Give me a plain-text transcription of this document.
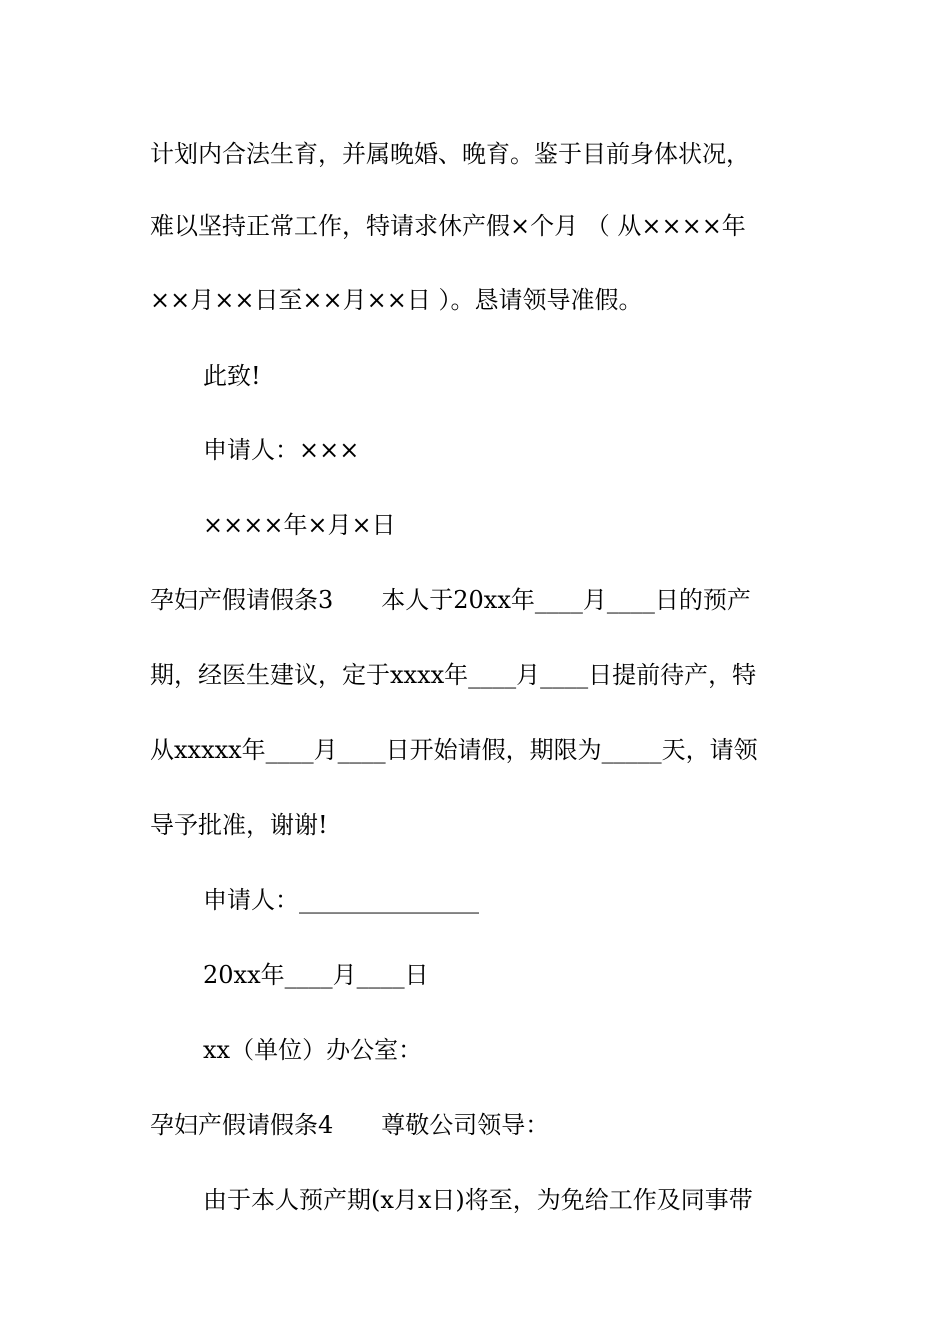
计划内合法生育，并属晚婚、晚育。鉴于目前身体状况，
难以坚持正常工作，特请求休产假×个月 （ 从××××年
××月××日至××月××日 ）。恳请领导准假。
此致!
申请人：×××
××××年×月×日
孕妇产假请假条3　　本人于20xx年____月____日的预产
期，经医生建议，定于xxxx年____月____日提前待产，特
从xxxxx年____月____日开始请假，期限为_____天，请领
导予批准，谢谢!
申请人：_______________
20xx年____月____日
xx（单位）办公室：
孕妇产假请假条4　　尊敬公司领导：
由于本人预产期(x月x日)将至，为免给工作及同事带
